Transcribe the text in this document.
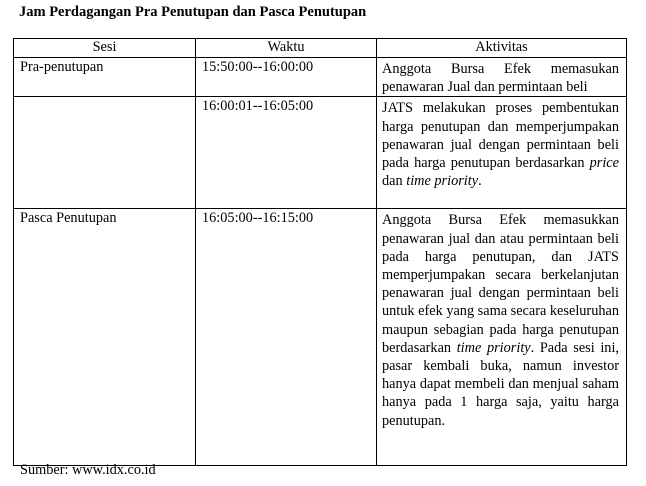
Jam Perdagangan Pra Penutupan dan Pasca Penutupan
Sesi	Waktu	Aktivitas
Pra-penutupan	15:50:00--16:00:00	Anggota Bursa Efek memasukan penawaran Jual dan permintaan beli
	16:00:01--16:05:00	JATS melakukan proses pembentukan harga penutupan dan memperjumpakan penawaran jual dengan permintaan beli pada harga penutupan berdasarkan price dan time priority.
Pasca Penutupan	16:05:00--16:15:00	Anggota Bursa Efek memasukkan penawaran jual dan atau permintaan beli pada harga penutupan, dan JATS memperjumpakan secara berkelanjutan penawaran jual dengan permintaan beli untuk efek yang sama secara keseluruhan maupun sebagian pada harga penutupan berdasarkan time priority. Pada sesi ini, pasar kembali buka, namun investor hanya dapat membeli dan menjual saham hanya pada 1 harga saja, yaitu harga penutupan.
Sumber: www.idx.co.id
